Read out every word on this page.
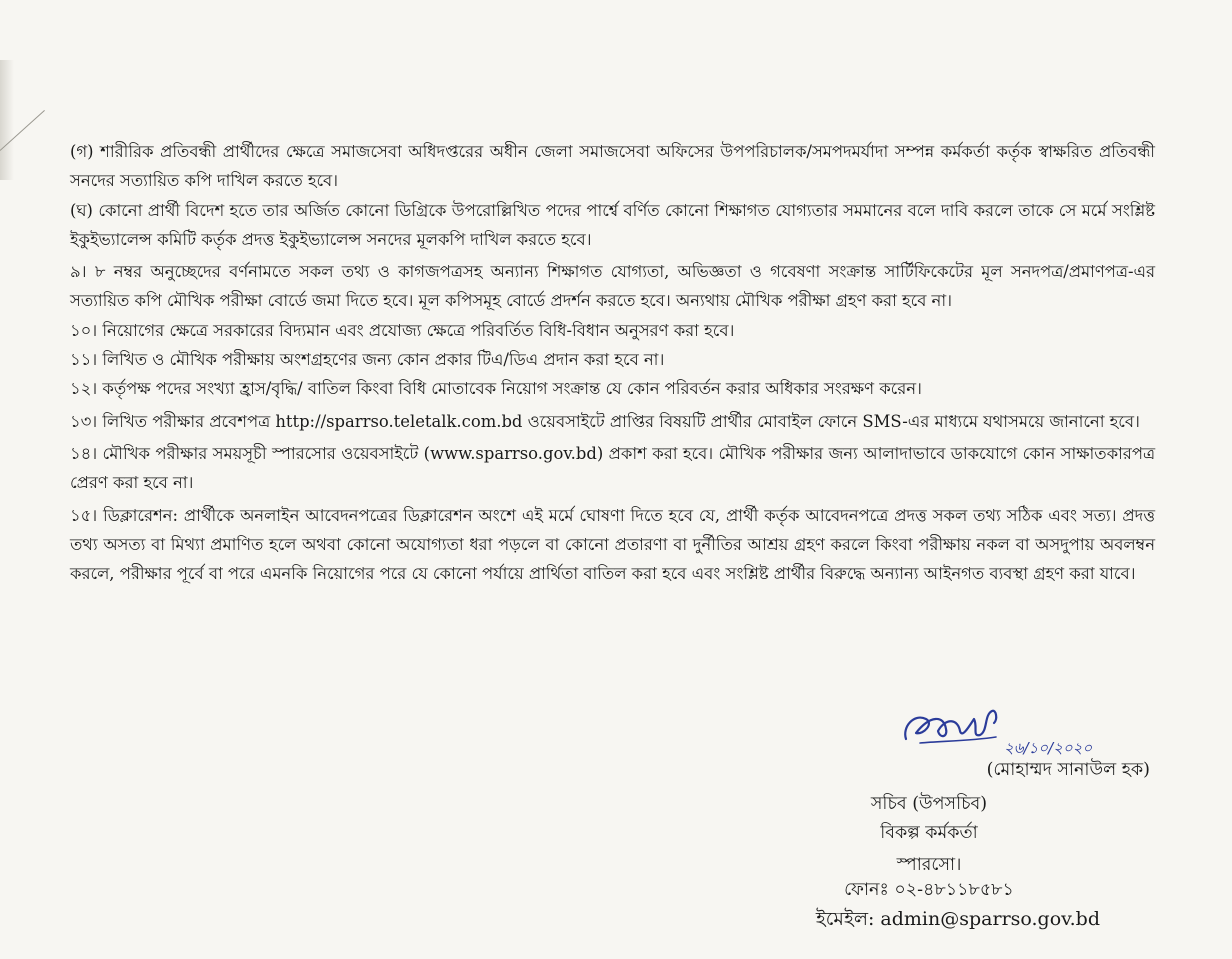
(গ) শারীরিক প্রতিবন্ধী প্রার্থীদের ক্ষেত্রে সমাজসেবা অধিদপ্তরের অধীন জেলা সমাজসেবা অফিসের উপপরিচালক/সমপদমর্যাদা সম্পন্ন কর্মকর্তা কর্তৃক স্বাক্ষরিত প্রতিবন্ধী সনদের সত্যায়িত কপি দাখিল করতে হবে।

(ঘ) কোনো প্রার্থী বিদেশ হতে তার অর্জিত কোনো ডিগ্রিকে উপরোল্লিখিত পদের পার্শ্বে বর্ণিত কোনো শিক্ষাগত যোগ্যতার সমমানের বলে দাবি করলে তাকে সে মর্মে সংশ্লিষ্ট ইকুইভ্যালেন্স কমিটি কর্তৃক প্রদত্ত ইকুইভ্যালেন্স সনদের মূলকপি দাখিল করতে হবে।

৯। ৮ নম্বর অনুচ্ছেদের বর্ণনামতে সকল তথ্য ও কাগজপত্রসহ অন্যান্য শিক্ষাগত যোগ্যতা, অভিজ্ঞতা ও গবেষণা সংক্রান্ত সার্টিফিকেটের মূল সনদপত্র/প্রমাণপত্র-এর সত্যায়িত কপি মৌখিক পরীক্ষা বোর্ডে জমা দিতে হবে। মূল কপিসমূহ বোর্ডে প্রদর্শন করতে হবে। অন্যথায় মৌখিক পরীক্ষা গ্রহণ করা হবে না।

১০। নিয়োগের ক্ষেত্রে সরকারের বিদ্যমান এবং প্রযোজ্য ক্ষেত্রে পরিবর্তিত বিধি-বিধান অনুসরণ করা হবে।

১১। লিখিত ও মৌখিক পরীক্ষায় অংশগ্রহণের জন্য কোন প্রকার টিএ/ডিএ প্রদান করা হবে না।

১২। কর্তৃপক্ষ পদের সংখ্যা হ্রাস/বৃদ্ধি/ বাতিল কিংবা বিধি মোতাবেক নিয়োগ সংক্রান্ত যে কোন পরিবর্তন করার অধিকার সংরক্ষণ করেন।

১৩। লিখিত পরীক্ষার প্রবেশপত্র http://sparrso.teletalk.com.bd ওয়েবসাইটে প্রাপ্তির বিষয়টি প্রার্থীর মোবাইল ফোনে SMS-এর মাধ্যমে যথাসময়ে জানানো হবে।

১৪। মৌখিক পরীক্ষার সময়সূচী স্পারসোর ওয়েবসাইটে (www.sparrso.gov.bd) প্রকাশ করা হবে। মৌখিক পরীক্ষার জন্য আলাদাভাবে ডাকযোগে কোন সাক্ষাতকারপত্র প্রেরণ করা হবে না।

১৫। ডিক্লারেশন: প্রার্থীকে অনলাইন আবেদনপত্রের ডিক্লারেশন অংশে এই মর্মে ঘোষণা দিতে হবে যে, প্রার্থী কর্তৃক আবেদনপত্রে প্রদত্ত সকল তথ্য সঠিক এবং সত্য। প্রদত্ত তথ্য অসত্য বা মিথ্যা প্রমাণিত হলে অথবা কোনো অযোগ্যতা ধরা পড়লে বা কোনো প্রতারণা বা দুর্নীতির আশ্রয় গ্রহণ করলে কিংবা পরীক্ষায় নকল বা অসদুপায় অবলম্বন করলে, পরীক্ষার পূর্বে বা পরে এমনকি নিয়োগের পরে যে কোনো পর্যায়ে প্রার্থিতা বাতিল করা হবে এবং সংশ্লিষ্ট প্রার্থীর বিরুদ্ধে অন্যান্য আইনগত ব্যবস্থা গ্রহণ করা যাবে।

২৬/১০/২০২০
(মোহাম্মদ সানাউল হক)
সচিব (উপসচিব)
বিকল্প কর্মকর্তা
স্পারসো।
ফোনঃ ০২-৪৮১১৮৫৮১
ইমেইল: admin@sparrso.gov.bd
